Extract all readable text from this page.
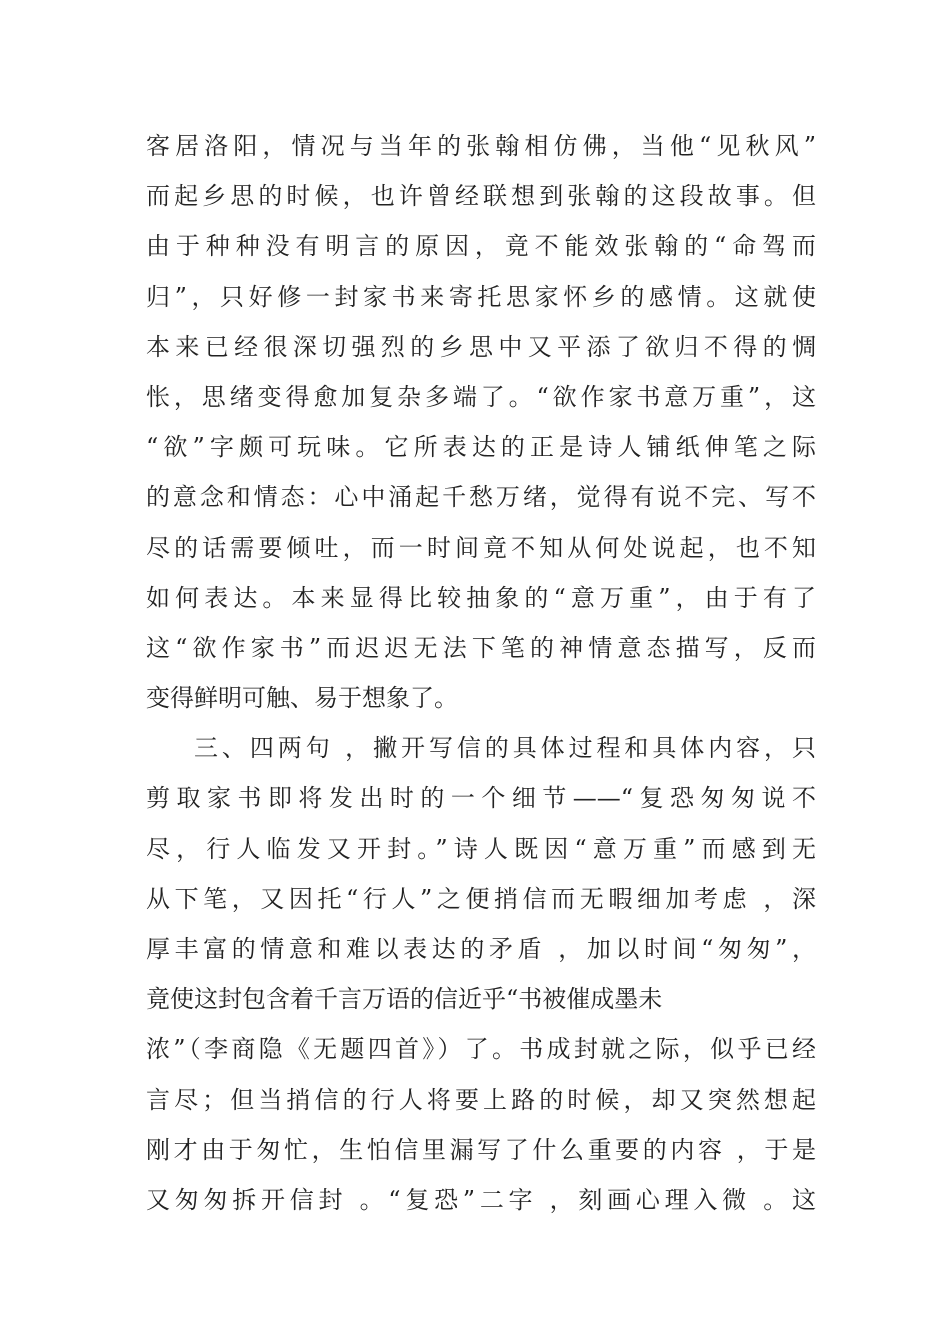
客居洛阳，情况与当年的张翰相仿佛，当他“见秋风”
而起乡思的时候，也许曾经联想到张翰的这段故事。但
由于种种没有明言的原因，竟不能效张翰的“命驾而
归”，只好修一封家书来寄托思家怀乡的感情。这就使
本来已经很深切强烈的乡思中又平添了欲归不得的惆
怅，思绪变得愈加复杂多端了。“欲作家书意万重”，这
“欲”字颇可玩味。它所表达的正是诗人铺纸伸笔之际
的意念和情态：心中涌起千愁万绪，觉得有说不完、写不
尽的话需要倾吐，而一时间竟不知从何处说起，也不知
如何表达。本来显得比较抽象的“意万重”，由于有了
这“欲作家书”而迟迟无法下笔的神情意态描写，反而
变得鲜明可触、易于想象了。
三、四两句 ，撇开写信的具体过程和具体内容，只
剪取家书即将发出时的一个细节——“复恐匆匆说不
尽，行人临发又开封。”诗人既因“意万重”而感到无
从下笔，又因托“行人”之便捎信而无暇细加考虑 ，深
厚丰富的情意和难以表达的矛盾 ，加以时间“匆匆”，
竟使这封包含着千言万语的信近乎“书被催成墨未
浓”（李商隐《无题四首》）了。书成封就之际，似乎已经
言尽；但当捎信的行人将要上路的时候，却又突然想起
刚才由于匆忙，生怕信里漏写了什么重要的内容 ，于是
又匆匆拆开信封 。“复恐”二字 ，刻画心理入微 。这
